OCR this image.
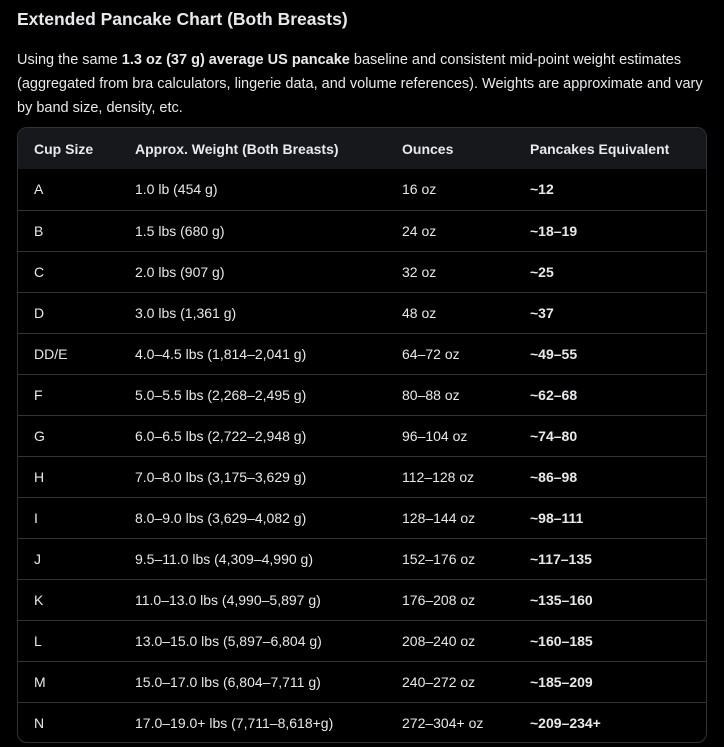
Extended Pancake Chart (Both Breasts)
Using the same 1.3 oz (37 g) average US pancake baseline and consistent mid-point weight estimates (aggregated from bra calculators, lingerie data, and volume references). Weights are approximate and vary by band size, density, etc.
Cup Size	Approx. Weight (Both Breasts)	Ounces	Pancakes Equivalent
A	1.0 lb (454 g)	16 oz	~12
B	1.5 lbs (680 g)	24 oz	~18–19
C	2.0 lbs (907 g)	32 oz	~25
D	3.0 lbs (1,361 g)	48 oz	~37
DD/E	4.0–4.5 lbs (1,814–2,041 g)	64–72 oz	~49–55
F	5.0–5.5 lbs (2,268–2,495 g)	80–88 oz	~62–68
G	6.0–6.5 lbs (2,722–2,948 g)	96–104 oz	~74–80
H	7.0–8.0 lbs (3,175–3,629 g)	112–128 oz	~86–98
I	8.0–9.0 lbs (3,629–4,082 g)	128–144 oz	~98–111
J	9.5–11.0 lbs (4,309–4,990 g)	152–176 oz	~117–135
K	11.0–13.0 lbs (4,990–5,897 g)	176–208 oz	~135–160
L	13.0–15.0 lbs (5,897–6,804 g)	208–240 oz	~160–185
M	15.0–17.0 lbs (6,804–7,711 g)	240–272 oz	~185–209
N	17.0–19.0+ lbs (7,711–8,618+g)	272–304+ oz	~209–234+
